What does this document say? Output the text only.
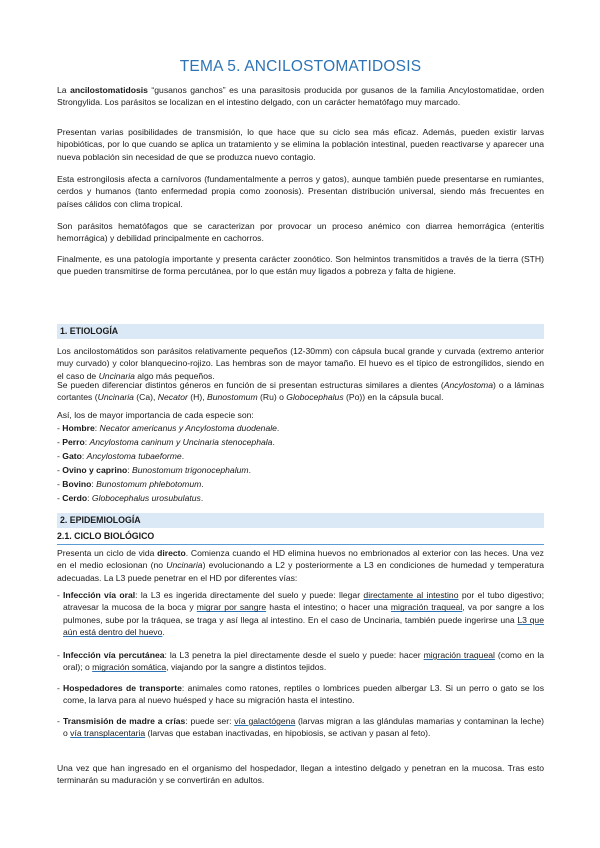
TEMA 5. ANCILOSTOMATIDOSIS

La ancilostomatidosis “gusanos ganchos” es una parasitosis producida por gusanos de la familia Ancylostomatidae, orden Strongylida. Los parásitos se localizan en el intestino delgado, con un carácter hematófago muy marcado.

Presentan varias posibilidades de transmisión, lo que hace que su ciclo sea más eficaz. Además, pueden existir larvas hipobióticas, por lo que cuando se aplica un tratamiento y se elimina la población intestinal, pueden reactivarse y aparecer una nueva población sin necesidad de que se produzca nuevo contagio.

Esta estrongilosis afecta a carnívoros (fundamentalmente a perros y gatos), aunque también puede presentarse en rumiantes, cerdos y humanos (tanto enfermedad propia como zoonosis). Presentan distribución universal, siendo más frecuentes en países cálidos con clima tropical.

Son parásitos hematófagos que se caracterizan por provocar un proceso anémico con diarrea hemorrágica (enteritis hemorrágica) y debilidad principalmente en cachorros.

Finalmente, es una patología importante y presenta carácter zoonótico. Son helmintos transmitidos a través de la tierra (STH) que pueden transmitirse de forma percutánea, por lo que están muy ligados a pobreza y falta de higiene.

1. ETIOLOGÍA

Los ancilostomátidos son parásitos relativamente pequeños (12-30mm) con cápsula bucal grande y curvada (extremo anterior muy curvado) y color blanquecino-rojizo. Las hembras son de mayor tamaño. El huevo es el típico de estrongílidos, siendo en el caso de Uncinaria algo más pequeños.

Se pueden diferenciar distintos géneros en función de si presentan estructuras similares a dientes (Ancylostoma) o a láminas cortantes (Uncinaria (Ca), Necator (H), Bunostomum (Ru) o Globocephalus (Po)) en la cápsula bucal.

Así, los de mayor importancia de cada especie son:

- Hombre: Necator americanus y Ancylostoma duodenale.

- Perro: Ancylostoma caninum y Uncinaria stenocephala.

- Gato: Ancylostoma tubaeforme.

- Ovino y caprino: Bunostomum trigonocephalum.

- Bovino: Bunostomum phlebotomum.

- Cerdo: Globocephalus urosubulatus.

2. EPIDEMIOLOGÍA
2.1. CICLO BIOLÓGICO

Presenta un ciclo de vida directo. Comienza cuando el HD elimina huevos no embrionados al exterior con las heces. Una vez en el medio eclosionan (no Uncinaria) evolucionando a L2 y posteriormente a L3 en condiciones de humedad y temperatura adecuadas. La L3 puede penetrar en el HD por diferentes vías:

- Infección vía oral: la L3 es ingerida directamente del suelo y puede: llegar directamente al intestino por el tubo digestivo; atravesar la mucosa de la boca y migrar por sangre hasta el intestino; o hacer una migración traqueal, va por sangre a los pulmones, sube por la tráquea, se traga y así llega al intestino. En el caso de Uncinaria, también puede ingerirse una L3 que aún está dentro del huevo.

- Infección vía percutánea: la L3 penetra la piel directamente desde el suelo y puede: hacer migración traqueal (como en la oral); o migración somática, viajando por la sangre a distintos tejidos.

- Hospedadores de transporte: animales como ratones, reptiles o lombrices pueden albergar L3. Si un perro o gato se los come, la larva para al nuevo huésped y hace su migración hasta el intestino.

- Transmisión de madre a crías: puede ser: vía galactógena (larvas migran a las glándulas mamarias y contaminan la leche) o vía transplacentaria (larvas que estaban inactivadas, en hipobiosis, se activan y pasan al feto).

Una vez que han ingresado en el organismo del hospedador, llegan a intestino delgado y penetran en la mucosa. Tras esto terminarán su maduración y se convertirán en adultos.
